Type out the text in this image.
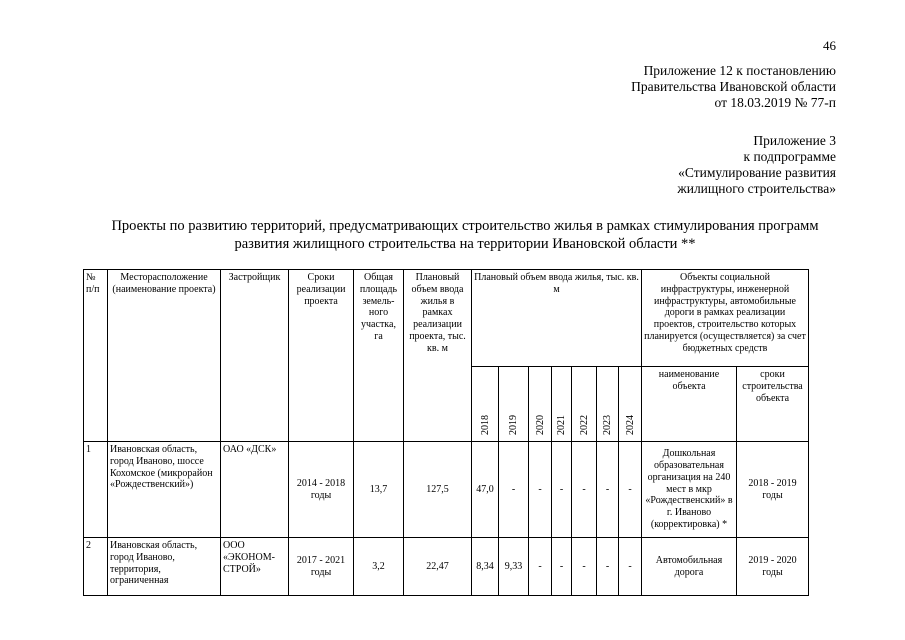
46
Приложение 12 к постановлению
Правительства Ивановской области
от 18.03.2019 № 77-п
Приложение 3
к подпрограмме
«Стимулирование развития
жилищного строительства»
Проекты по развитию территорий, предусматривающих строительство жилья в рамках стимулирования программ
развития жилищного строительства на территории Ивановской области **
№ п/п	Месторасположение (наименование проекта)	Застройщик	Сроки реализации проекта	Общая площадь земель-ного участка, га	Плановый объем ввода жилья в рамках реализации проекта, тыс. кв. м	Плановый объем ввода жилья, тыс. кв. м							Объекты социальной инфраструктуры, инженерной инфраструктуры, автомобильные дороги в рамках реализации проектов, строительство которых планируется (осуществляется) за счет бюджетных средств	

						2018	2019	2020	2021	2022	2023	2024	наименование объекта	сроки строительства объекта
1	Ивановская область, город Иваново, шоссе Кохомское (микрорайон «Рождественский»)	ОАО «ДСК»	2014 - 2018 годы	13,7	127,5	47,0	-	-	-	-	-	-	Дошкольная образовательная организация на 240 мест в мкр «Рождественский» в г. Иваново (корректировка) *	2018 - 2019 годы
2	Ивановская область, город Иваново, территория, ограниченная	ООО «ЭКОНОМ-СТРОЙ»	2017 - 2021 годы	3,2	22,47	8,34	9,33	-	-	-	-	-	Автомобильная дорога	2019 - 2020 годы
